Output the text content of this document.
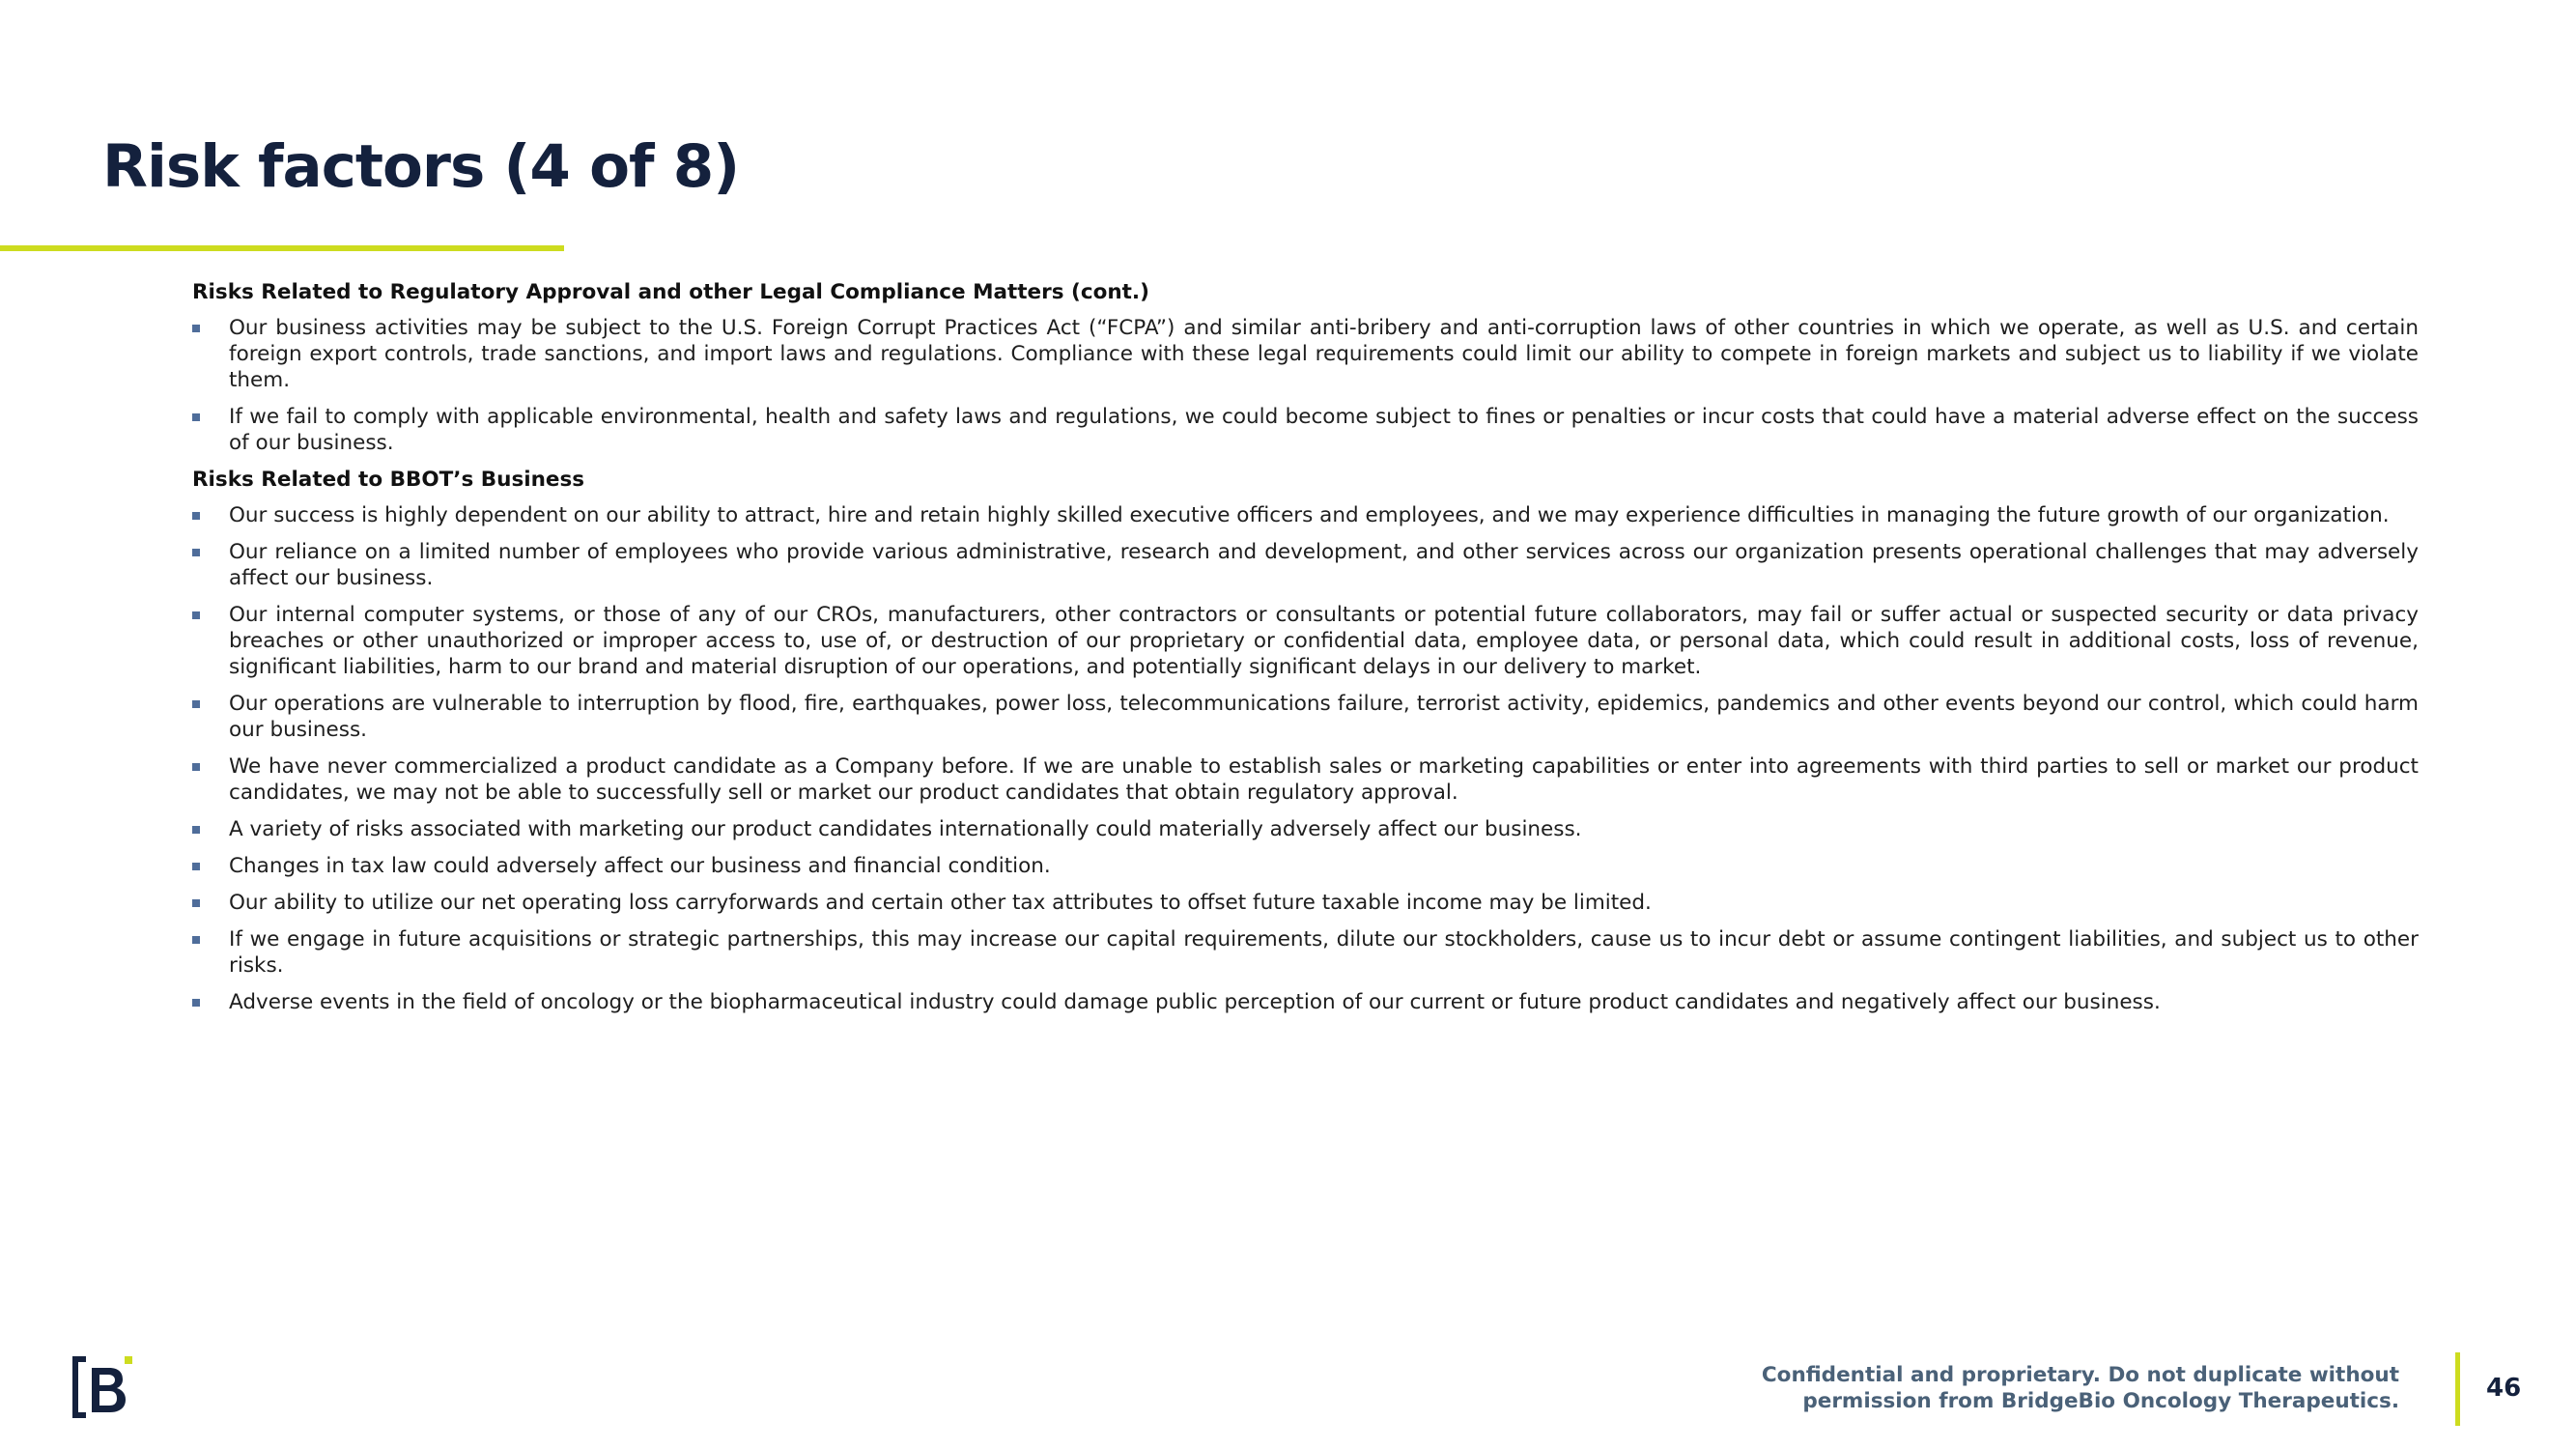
Risk factors (4 of 8)
Risks Related to Regulatory Approval and other Legal Compliance Matters (cont.)
Our business activities may be subject to the U.S. Foreign Corrupt Practices Act (“FCPA”) and similar anti-bribery and anti-corruption laws of other countries in which we operate, as well as U.S. and certain foreign export controls, trade sanctions, and import laws and regulations. Compliance with these legal requirements could limit our ability to compete in foreign markets and subject us to liability if we violate them.
If we fail to comply with applicable environmental, health and safety laws and regulations, we could become subject to fines or penalties or incur costs that could have a material adverse effect on the success of our business.
Risks Related to BBOT’s Business
Our success is highly dependent on our ability to attract, hire and retain highly skilled executive officers and employees, and we may experience difficulties in managing the future growth of our organization.
Our reliance on a limited number of employees who provide various administrative, research and development, and other services across our organization presents operational challenges that may adversely affect our business.
Our internal computer systems, or those of any of our CROs, manufacturers, other contractors or consultants or potential future collaborators, may fail or suffer actual or suspected security or data privacy breaches or other unauthorized or improper access to, use of, or destruction of our proprietary or confidential data, employee data, or personal data, which could result in additional costs, loss of revenue, significant liabilities, harm to our brand and material disruption of our operations, and potentially significant delays in our delivery to market.
Our operations are vulnerable to interruption by flood, fire, earthquakes, power loss, telecommunications failure, terrorist activity, epidemics, pandemics and other events beyond our control, which could harm our business.
We have never commercialized a product candidate as a Company before. If we are unable to establish sales or marketing capabilities or enter into agreements with third parties to sell or market our product candidates, we may not be able to successfully sell or market our product candidates that obtain regulatory approval.
A variety of risks associated with marketing our product candidates internationally could materially adversely affect our business.
Changes in tax law could adversely affect our business and financial condition.
Our ability to utilize our net operating loss carryforwards and certain other tax attributes to offset future taxable income may be limited.
If we engage in future acquisitions or strategic partnerships, this may increase our capital requirements, dilute our stockholders, cause us to incur debt or assume contingent liabilities, and subject us to other risks.
Adverse events in the field of oncology or the biopharmaceutical industry could damage public perception of our current or future product candidates and negatively affect our business.
Confidential and proprietary. Do not duplicate without
permission from BridgeBio Oncology Therapeutics.	46
